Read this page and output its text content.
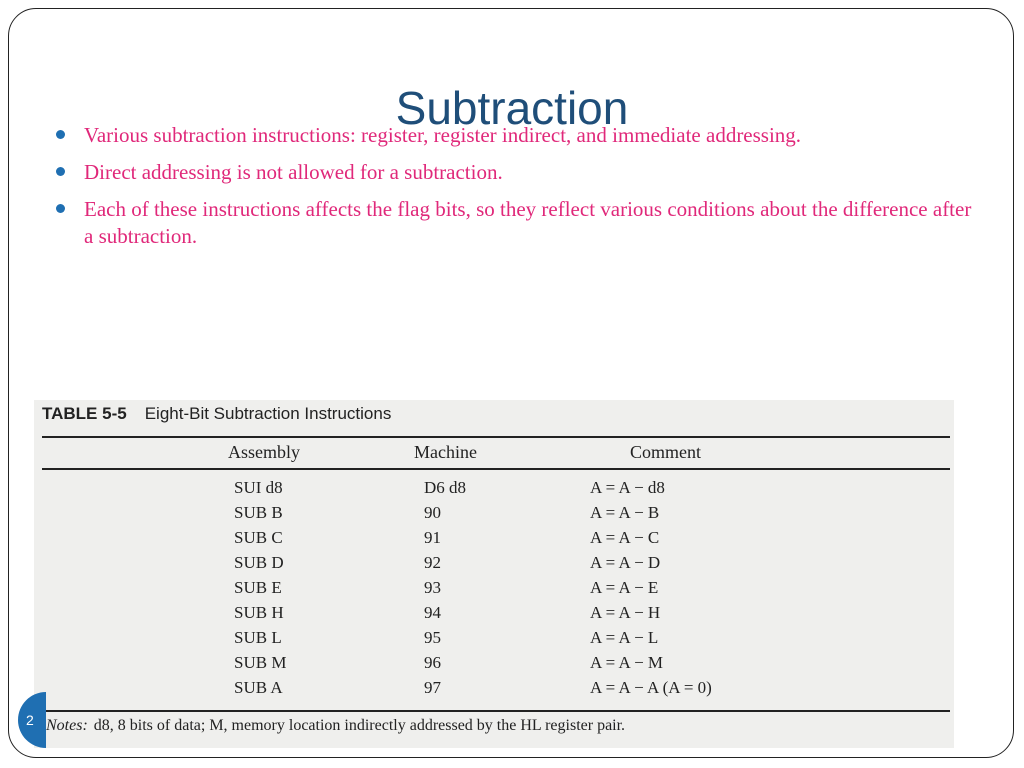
Subtraction
Various subtraction instructions: register, register indirect, and immediate addressing.
Direct addressing is not allowed for a subtraction.
Each of these instructions affects the flag bits, so they reflect various conditions about the difference after a subtraction.
TABLE 5-5 Eight-Bit Subtraction Instructions
Assembly	Machine	Comment
SUI d8	D6 d8	A = A − d8
SUB B	90	A = A − B
SUB C	91	A = A − C
SUB D	92	A = A − D
SUB E	93	A = A − E
SUB H	94	A = A − H
SUB L	95	A = A − L
SUB M	96	A = A − M
SUB A	97	A = A − A (A = 0)
Notes: d8, 8 bits of data; M, memory location indirectly addressed by the HL register pair.
2
